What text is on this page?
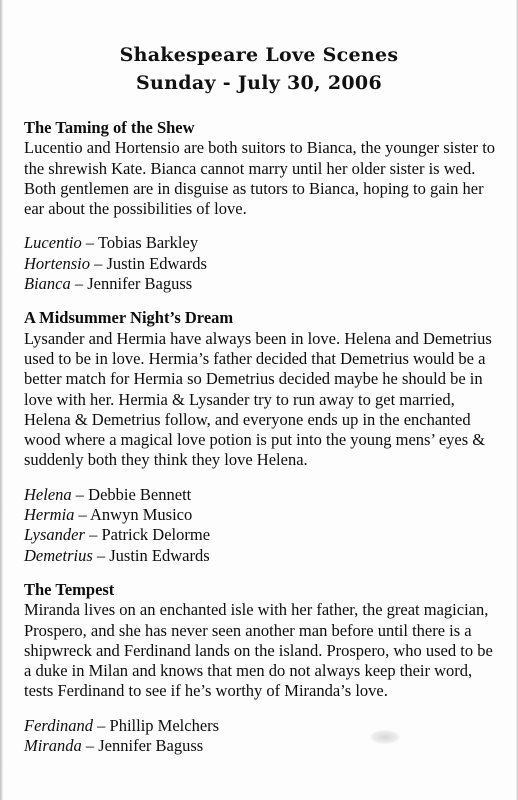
Shakespeare Love Scenes
Sunday - July 30, 2006
The Taming of the Shew

Lucentio and Hortensio are both suitors to Bianca, the younger sister to the shrewish Kate. Bianca cannot marry until her older sister is wed. Both gentlemen are in disguise as tutors to Bianca, hoping to gain her ear about the possibilities of love.

Lucentio – Tobias Barkley
Hortensio – Justin Edwards
Bianca – Jennifer Baguss
A Midsummer Night’s Dream

Lysander and Hermia have always been in love. Helena and Demetrius used to be in love. Hermia’s father decided that Demetrius would be a better match for Hermia so Demetrius decided maybe he should be in love with her. Hermia & Lysander try to run away to get married, Helena & Demetrius follow, and everyone ends up in the enchanted wood where a magical love potion is put into the young mens’ eyes & suddenly both they think they love Helena.

Helena – Debbie Bennett
Hermia – Anwyn Musico
Lysander – Patrick Delorme
Demetrius – Justin Edwards
The Tempest

Miranda lives on an enchanted isle with her father, the great magician, Prospero, and she has never seen another man before until there is a shipwreck and Ferdinand lands on the island. Prospero, who used to be a duke in Milan and knows that men do not always keep their word, tests Ferdinand to see if he’s worthy of Miranda’s love.

Ferdinand – Phillip Melchers
Miranda – Jennifer Baguss
